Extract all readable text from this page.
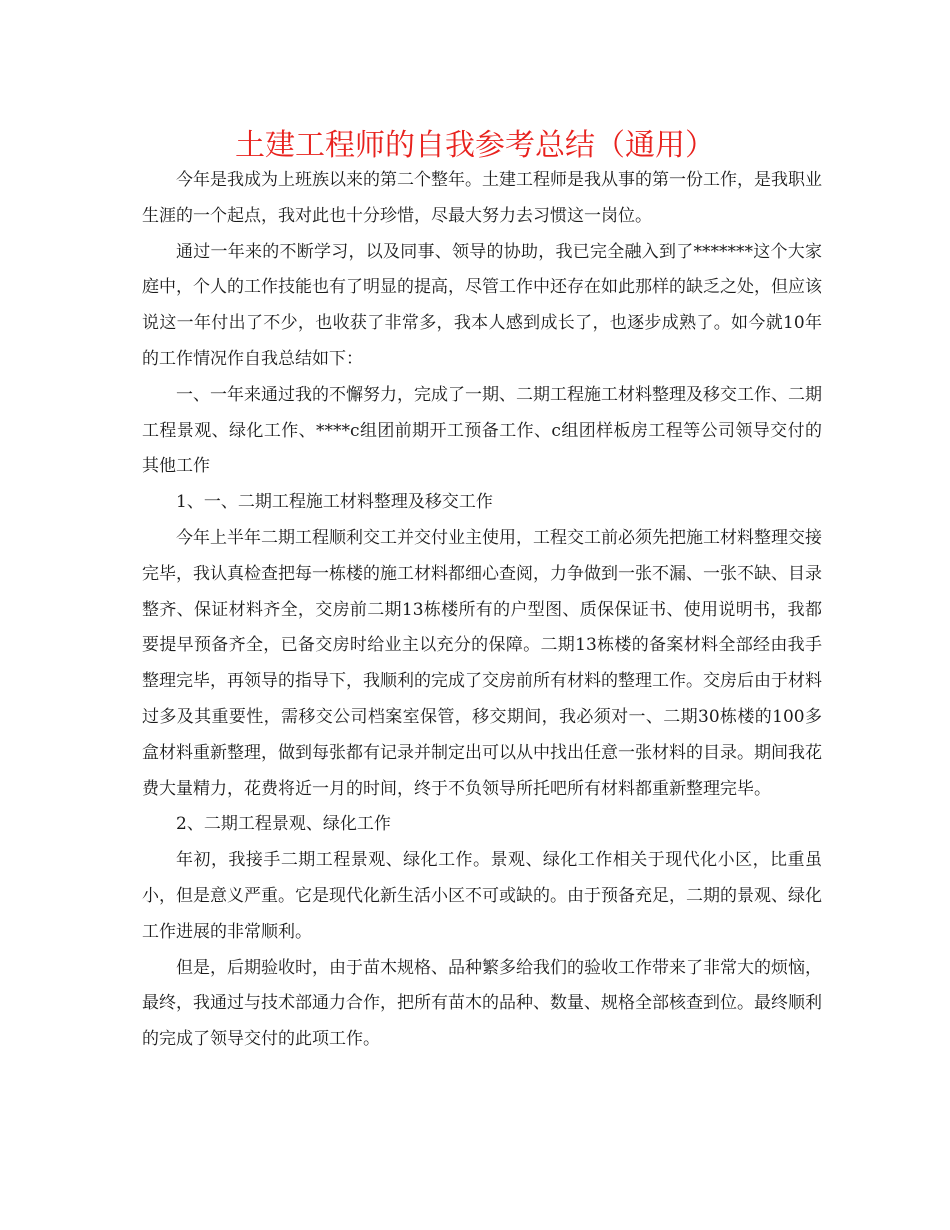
土建工程师的自我参考总结（通用）

今年是我成为上班族以来的第二个整年。土建工程师是我从事的第一份工作，是我职业生涯的一个起点，我对此也十分珍惜，尽最大努力去习惯这一岗位。

通过一年来的不断学习，以及同事、领导的协助，我已完全融入到了*******这个大家庭中，个人的工作技能也有了明显的提高，尽管工作中还存在如此那样的缺乏之处，但应该说这一年付出了不少，也收获了非常多，我本人感到成长了，也逐步成熟了。如今就10年的工作情况作自我总结如下：

一、一年来通过我的不懈努力，完成了一期、二期工程施工材料整理及移交工作、二期工程景观、绿化工作、****c组团前期开工预备工作、c组团样板房工程等公司领导交付的其他工作

1、一、二期工程施工材料整理及移交工作

今年上半年二期工程顺利交工并交付业主使用，工程交工前必须先把施工材料整理交接完毕，我认真检查把每一栋楼的施工材料都细心查阅，力争做到一张不漏、一张不缺、目录整齐、保证材料齐全，交房前二期13栋楼所有的户型图、质保保证书、使用说明书，我都要提早预备齐全，已备交房时给业主以充分的保障。二期13栋楼的备案材料全部经由我手整理完毕，再领导的指导下，我顺利的完成了交房前所有材料的整理工作。交房后由于材料过多及其重要性，需移交公司档案室保管，移交期间，我必须对一、二期30栋楼的100多盒材料重新整理，做到每张都有记录并制定出可以从中找出任意一张材料的目录。期间我花费大量精力，花费将近一月的时间，终于不负领导所托吧所有材料都重新整理完毕。

2、二期工程景观、绿化工作

年初，我接手二期工程景观、绿化工作。景观、绿化工作相关于现代化小区，比重虽小，但是意义严重。它是现代化新生活小区不可或缺的。由于预备充足，二期的景观、绿化工作进展的非常顺利。

但是，后期验收时，由于苗木规格、品种繁多给我们的验收工作带来了非常大的烦恼，最终，我通过与技术部通力合作，把所有苗木的品种、数量、规格全部核查到位。最终顺利的完成了领导交付的此项工作。
